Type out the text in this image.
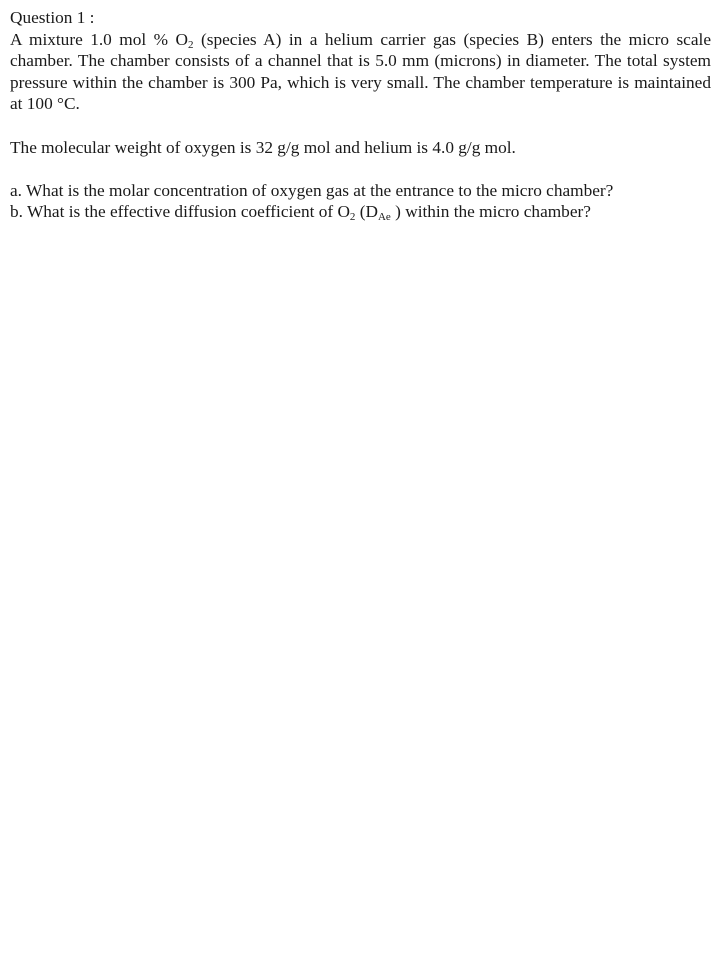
Question 1 :

A mixture 1.0 mol % $O_2$ (species A) in a helium carrier gas (species B) enters the micro scale chamber. The chamber consists of a channel that is 5.0 mm (microns) in diameter. The total system pressure within the chamber is 300 Pa, which is very small. The chamber temperature is maintained at 100 °C.

The molecular weight of oxygen is 32 g/g mol and helium is 4.0 g/g mol.

a. What is the molar concentration of oxygen gas at the entrance to the micro chamber?

b. What is the effective diffusion coefficient of $O_2$ ($D_{Ae}$ ) within the micro chamber?
